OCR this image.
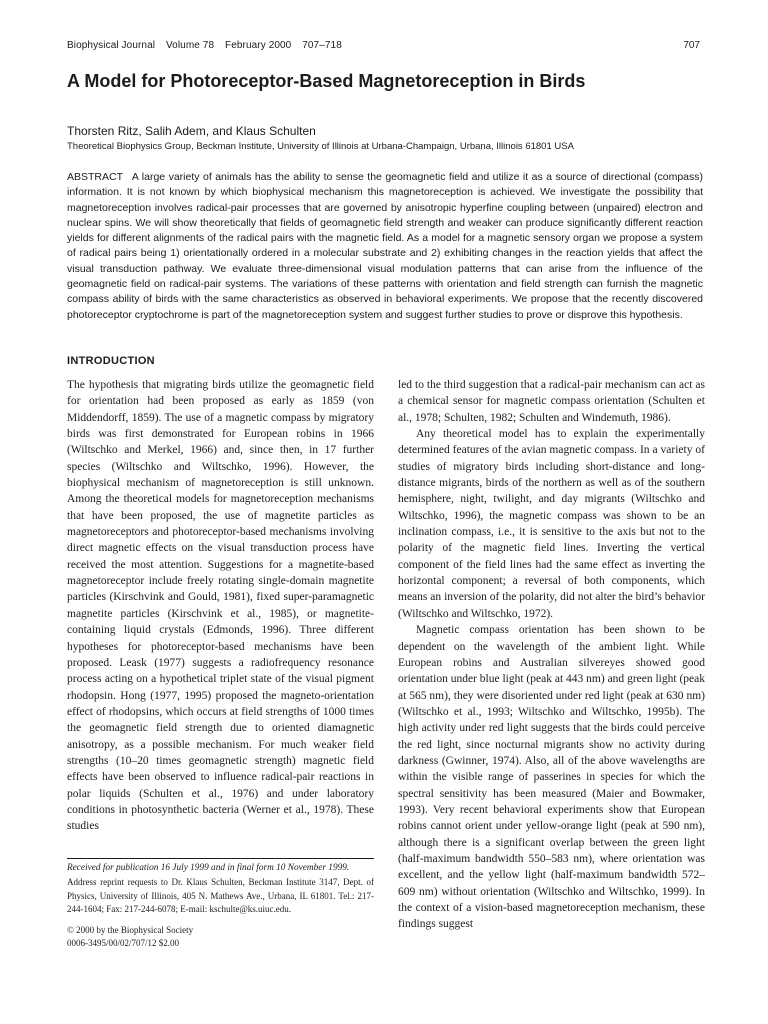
Biophysical Journal Volume 78 February 2000 707–718	707
A Model for Photoreceptor-Based Magnetoreception in Birds
Thorsten Ritz, Salih Adem, and Klaus Schulten
Theoretical Biophysics Group, Beckman Institute, University of Illinois at Urbana-Champaign, Urbana, Illinois 61801 USA
ABSTRACT A large variety of animals has the ability to sense the geomagnetic field and utilize it as a source of directional (compass) information. It is not known by which biophysical mechanism this magnetoreception is achieved. We investigate the possibility that magnetoreception involves radical-pair processes that are governed by anisotropic hyperfine coupling between (unpaired) electron and nuclear spins. We will show theoretically that fields of geomagnetic field strength and weaker can produce significantly different reaction yields for different alignments of the radical pairs with the magnetic field. As a model for a magnetic sensory organ we propose a system of radical pairs being 1) orientationally ordered in a molecular substrate and 2) exhibiting changes in the reaction yields that affect the visual transduction pathway. We evaluate three-dimensional visual modulation patterns that can arise from the influence of the geomagnetic field on radical-pair systems. The variations of these patterns with orientation and field strength can furnish the magnetic compass ability of birds with the same characteristics as observed in behavioral experiments. We propose that the recently discovered photoreceptor cryptochrome is part of the magnetoreception system and suggest further studies to prove or disprove this hypothesis.
INTRODUCTION

The hypothesis that migrating birds utilize the geomagnetic field for orientation had been proposed as early as 1859 (von Middendorff, 1859). The use of a magnetic compass by migratory birds was first demonstrated for European robins in 1966 (Wiltschko and Merkel, 1966) and, since then, in 17 further species (Wiltschko and Wiltschko, 1996). However, the biophysical mechanism of magnetoreception is still unknown. Among the theoretical models for magnetoreception mechanisms that have been proposed, the use of magnetite particles as magnetoreceptors and photoreceptor-based mechanisms involving direct magnetic effects on the visual transduction process have received the most attention. Suggestions for a magnetite-based magnetoreceptor include freely rotating single-domain magnetite particles (Kirschvink and Gould, 1981), fixed super-paramagnetic magnetite particles (Kirschvink et al., 1985), or magnetite-containing liquid crystals (Edmonds, 1996). Three different hypotheses for photoreceptor-based mechanisms have been proposed. Leask (1977) suggests a radiofrequency resonance process acting on a hypothetical triplet state of the visual pigment rhodopsin. Hong (1977, 1995) proposed the magneto-orientation effect of rhodopsins, which occurs at field strengths of 1000 times the geomagnetic field strength due to oriented diamagnetic anisotropy, as a possible mechanism. For much weaker field strengths (10–20 times geomagnetic strength) magnetic field effects have been observed to influence radical-pair reactions in polar liquids (Schulten et al., 1976) and under laboratory conditions in photosynthetic bacteria (Werner et al., 1978). These studies

led to the third suggestion that a radical-pair mechanism can act as a chemical sensor for magnetic compass orientation (Schulten et al., 1978; Schulten, 1982; Schulten and Windemuth, 1986).

Any theoretical model has to explain the experimentally determined features of the avian magnetic compass. In a variety of studies of migratory birds including short-distance and long-distance migrants, birds of the northern as well as of the southern hemisphere, night, twilight, and day migrants (Wiltschko and Wiltschko, 1996), the magnetic compass was shown to be an inclination compass, i.e., it is sensitive to the axis but not to the polarity of the magnetic field lines. Inverting the vertical component of the field lines had the same effect as inverting the horizontal component; a reversal of both components, which means an inversion of the polarity, did not alter the bird’s behavior (Wiltschko and Wiltschko, 1972).

Magnetic compass orientation has been shown to be dependent on the wavelength of the ambient light. While European robins and Australian silvereyes showed good orientation under blue light (peak at 443 nm) and green light (peak at 565 nm), they were disoriented under red light (peak at 630 nm) (Wiltschko et al., 1993; Wiltschko and Wiltschko, 1995b). The high activity under red light suggests that the birds could perceive the red light, since nocturnal migrants show no activity during darkness (Gwinner, 1974). Also, all of the above wavelengths are within the visible range of passerines in species for which the spectral sensitivity has been measured (Maier and Bowmaker, 1993). Very recent behavioral experiments show that European robins cannot orient under yellow-orange light (peak at 590 nm), although there is a significant overlap between the green light (half-maximum bandwidth 550–583 nm), where orientation was excellent, and the yellow light (half-maximum bandwidth 572–609 nm) without orientation (Wiltschko and Wiltschko, 1999). In the context of a vision-based magnetoreception mechanism, these findings suggest

Received for publication 16 July 1999 and in final form 10 November 1999.

Address reprint requests to Dr. Klaus Schulten, Beckman Institute 3147, Dept. of Physics, University of Illinois, 405 N. Mathews Ave., Urbana, IL 61801. Tel.: 217-244-1604; Fax: 217-244-6078; E-mail: kschulte@ks.uiuc.edu.

© 2000 by the Biophysical Society

0006-3495/00/02/707/12 $2.00
